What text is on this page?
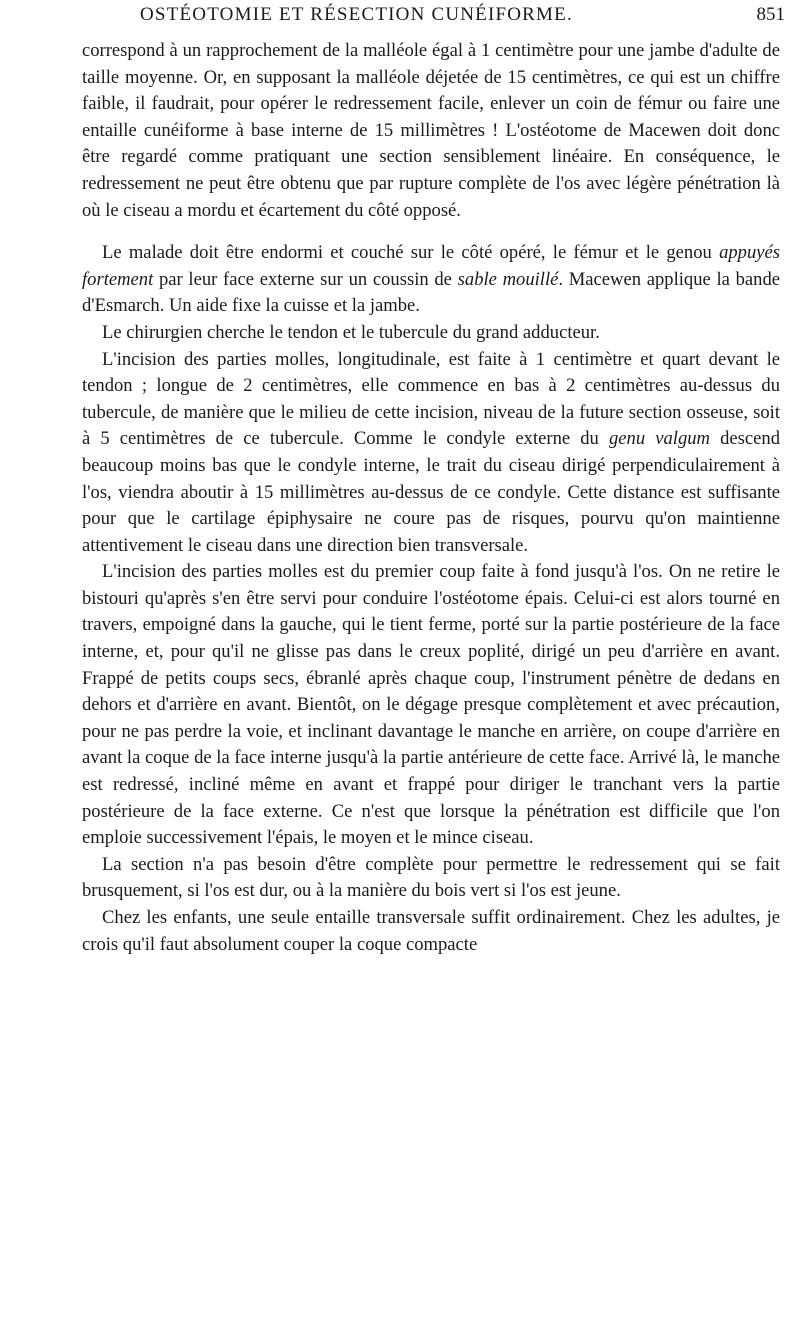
OSTÉOTOMIE ET RÉSECTION CUNÉIFORME.	851

correspond à un rapprochement de la malléole égal à 1 centimètre pour une jambe d'adulte de taille moyenne. Or, en supposant la malléole déjetée de 15 centimètres, ce qui est un chiffre faible, il faudrait, pour opérer le redressement facile, enlever un coin de fémur ou faire une entaille cunéiforme à base interne de 15 millimètres ! L'ostéotome de Macewen doit donc être regardé comme pratiquant une section sensiblement linéaire. En conséquence, le redressement ne peut être obtenu que par rupture complète de l'os avec légère pénétration là où le ciseau a mordu et écartement du côté opposé.

Le malade doit être endormi et couché sur le côté opéré, le fémur et le genou appuyés fortement par leur face externe sur un coussin de sable mouillé. Macewen applique la bande d'Esmarch. Un aide fixe la cuisse et la jambe.

Le chirurgien cherche le tendon et le tubercule du grand adducteur.

L'incision des parties molles, longitudinale, est faite à 1 centimètre et quart devant le tendon ; longue de 2 centimètres, elle commence en bas à 2 centimètres au-dessus du tubercule, de manière que le milieu de cette incision, niveau de la future section osseuse, soit à 5 centimètres de ce tubercule. Comme le condyle externe du genu valgum descend beaucoup moins bas que le condyle interne, le trait du ciseau dirigé perpendiculairement à l'os, viendra aboutir à 15 millimètres au-dessus de ce condyle. Cette distance est suffisante pour que le cartilage épiphysaire ne coure pas de risques, pourvu qu'on maintienne attentivement le ciseau dans une direction bien transversale.

L'incision des parties molles est du premier coup faite à fond jusqu'à l'os. On ne retire le bistouri qu'après s'en être servi pour conduire l'ostéotome épais. Celui-ci est alors tourné en travers, empoigné dans la gauche, qui le tient ferme, porté sur la partie postérieure de la face interne, et, pour qu'il ne glisse pas dans le creux poplité, dirigé un peu d'arrière en avant. Frappé de petits coups secs, ébranlé après chaque coup, l'instrument pénètre de dedans en dehors et d'arrière en avant. Bientôt, on le dégage presque complètement et avec précaution, pour ne pas perdre la voie, et inclinant davantage le manche en arrière, on coupe d'arrière en avant la coque de la face interne jusqu'à la partie antérieure de cette face. Arrivé là, le manche est redressé, incliné même en avant et frappé pour diriger le tranchant vers la partie postérieure de la face externe. Ce n'est que lorsque la pénétration est difficile que l'on emploie successivement l'épais, le moyen et le mince ciseau.

La section n'a pas besoin d'être complète pour permettre le redressement qui se fait brusquement, si l'os est dur, ou à la manière du bois vert si l'os est jeune.

Chez les enfants, une seule entaille transversale suffit ordinairement. Chez les adultes, je crois qu'il faut absolument couper la coque compacte
